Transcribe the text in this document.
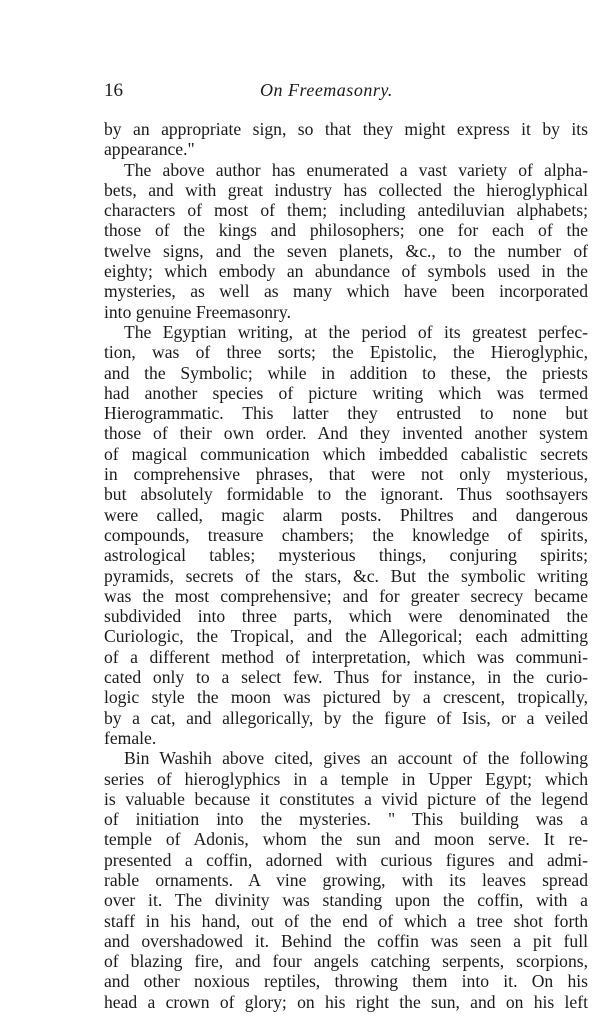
16	On Freemasonry.
by an appropriate sign, so that they might express it by its
appearance."
The above author has enumerated a vast variety of alpha-
bets, and with great industry has collected the hieroglyphical
characters of most of them; including antediluvian alphabets;
those of the kings and philosophers; one for each of the
twelve signs, and the seven planets, &c., to the number of
eighty; which embody an abundance of symbols used in the
mysteries, as well as many which have been incorporated
into genuine Freemasonry.
The Egyptian writing, at the period of its greatest perfec-
tion, was of three sorts; the Epistolic, the Hieroglyphic,
and the Symbolic; while in addition to these, the priests
had another species of picture writing which was termed
Hierogrammatic. This latter they entrusted to none but
those of their own order. And they invented another system
of magical communication which imbedded cabalistic secrets
in comprehensive phrases, that were not only mysterious,
but absolutely formidable to the ignorant. Thus soothsayers
were called, magic alarm posts. Philtres and dangerous
compounds, treasure chambers; the knowledge of spirits,
astrological tables; mysterious things, conjuring spirits;
pyramids, secrets of the stars, &c. But the symbolic writing
was the most comprehensive; and for greater secrecy became
subdivided into three parts, which were denominated the
Curiologic, the Tropical, and the Allegorical; each admitting
of a different method of interpretation, which was communi-
cated only to a select few. Thus for instance, in the curio-
logic style the moon was pictured by a crescent, tropically,
by a cat, and allegorically, by the figure of Isis, or a veiled
female.
Bin Washih above cited, gives an account of the following
series of hieroglyphics in a temple in Upper Egypt; which
is valuable because it constitutes a vivid picture of the legend
of initiation into the mysteries. " This building was a
temple of Adonis, whom the sun and moon serve. It re-
presented a coffin, adorned with curious figures and admi-
rable ornaments. A vine growing, with its leaves spread
over it. The divinity was standing upon the coffin, with a
staff in his hand, out of the end of which a tree shot forth
and overshadowed it. Behind the coffin was seen a pit full
of blazing fire, and four angels catching serpents, scorpions,
and other noxious reptiles, throwing them into it. On his
head a crown of glory; on his right the sun, and on his left
